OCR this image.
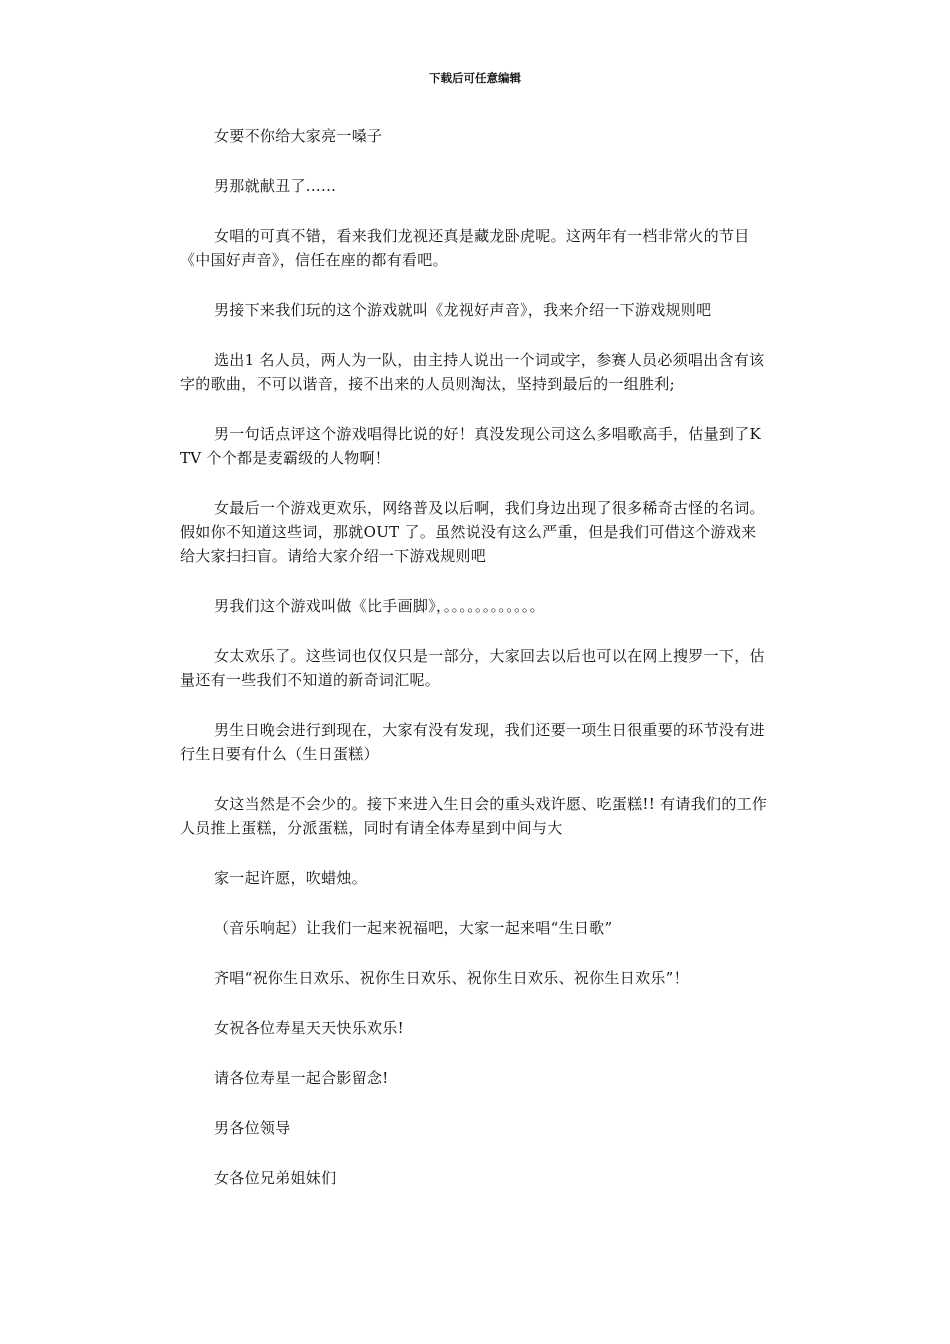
下载后可任意编辑

女要不你给大家亮一嗓子

男那就献丑了......

女唱的可真不错，看来我们龙视还真是藏龙卧虎呢。这两年有一档非常火的节目《中国好声音》，信任在座的都有看吧。

男接下来我们玩的这个游戏就叫《龙视好声音》，我来介绍一下游戏规则吧

选出1 名人员，两人为一队，由主持人说出一个词或字，参赛人员必须唱出含有该字的歌曲，不可以谐音，接不出来的人员则淘汰，坚持到最后的一组胜利;

男一句话点评这个游戏唱得比说的好！真没发现公司这么多唱歌高手，估量到了KTV 个个都是麦霸级的人物啊！

女最后一个游戏更欢乐，网络普及以后啊，我们身边出现了很多稀奇古怪的名词。假如你不知道这些词，那就OUT 了。虽然说没有这么严重，但是我们可借这个游戏来给大家扫扫盲。请给大家介绍一下游戏规则吧

男我们这个游戏叫做《比手画脚》，。。。。。。。。。。。。

女太欢乐了。这些词也仅仅只是一部分，大家回去以后也可以在网上搜罗一下，估量还有一些我们不知道的新奇词汇呢。

男生日晚会进行到现在，大家有没有发现，我们还要一项生日很重要的环节没有进行生日要有什么（生日蛋糕）

女这当然是不会少的。接下来进入生日会的重头戏许愿、吃蛋糕!! 有请我们的工作人员推上蛋糕，分派蛋糕，同时有请全体寿星到中间与大

家一起许愿，吹蜡烛。

（音乐响起）让我们一起来祝福吧，大家一起来唱“生日歌”

齐唱“祝你生日欢乐、祝你生日欢乐、祝你生日欢乐、祝你生日欢乐”！

女祝各位寿星天天快乐欢乐!

请各位寿星一起合影留念!

男各位领导

女各位兄弟姐妹们
